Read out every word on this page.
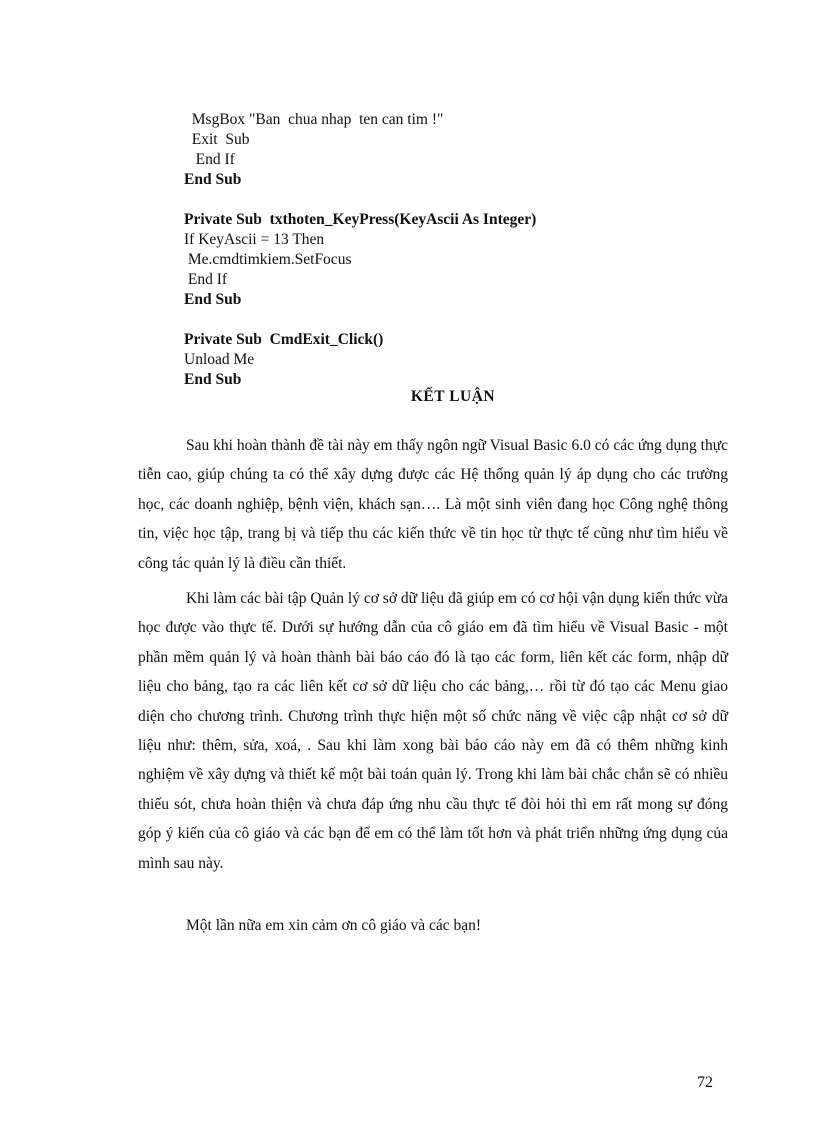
MsgBox "Ban  chua nhap  ten can tim !"
Exit  Sub
End If
End Sub
Private Sub  txthoten_KeyPress(KeyAscii As Integer)
If KeyAscii = 13 Then
Me.cmdtimkiem.SetFocus
End If
End Sub
Private Sub  CmdExit_Click()
Unload Me
End Sub
KẾT LUẬN

Sau khi hoàn thành đề tài này em thấy ngôn ngữ Visual Basic 6.0 có các ứng dụng thực tiễn cao, giúp chúng ta có thể xây dựng được các Hệ thống quản lý áp dụng cho các trường học, các doanh nghiệp, bệnh viện, khách sạn…. Là một sinh viên đang học Công nghệ thông tin, việc học tập, trang bị và tiếp thu các kiến thức về tin học từ thực tế cũng như tìm hiểu về công tác quản lý là điều cần thiết.

Khi làm các bài tập Quản lý cơ sở dữ liệu đã giúp em có cơ hội vận dụng kiến thức vừa học được vào thực tế. Dưới sự hướng dẫn của cô giáo em đã tìm hiểu về Visual Basic - một phần mềm quản lý và hoàn thành bài báo cáo đó là tạo các form, liên kết các form, nhập dữ liệu cho bảng, tạo ra các liên kết cơ sở dữ liệu cho các bảng,… rồi từ đó tạo các Menu giao diện cho chương trình. Chương trình thực hiện một số chức năng về việc cập nhật cơ sở dữ liệu như: thêm, sửa, xoá, . Sau khi làm xong bài báo cáo này em đã có thêm những kinh nghiệm về xây dựng và thiết kế một bài toán quản lý. Trong khi làm bài chắc chắn sẽ có nhiều thiếu sót, chưa hoàn thiện và chưa đáp ứng nhu cầu thực tế đòi hỏi thì em rất mong sự đóng góp ý kiến của cô giáo và các bạn để em có thể làm tốt hơn và phát triển những ứng dụng của mình sau này.

Một lần nữa em xin cảm ơn cô giáo và các bạn!

72
